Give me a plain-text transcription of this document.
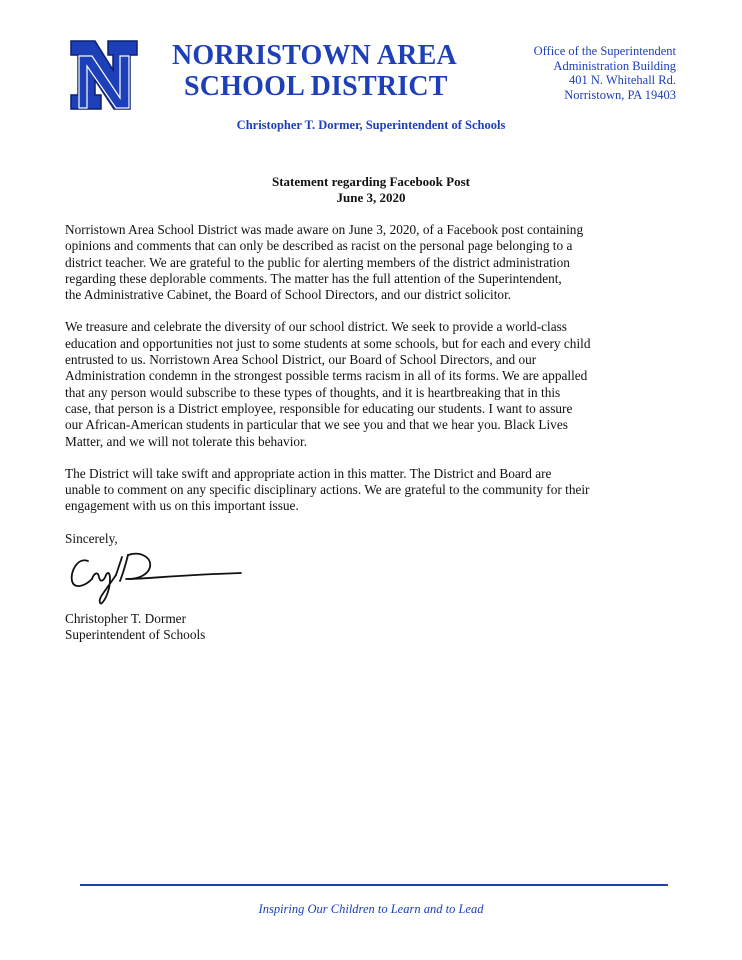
NORRISTOWN AREA
SCHOOL DISTRICT
Office of the Superintendent
Administration Building
401 N. Whitehall Rd.
Norristown, PA 19403
Christopher T. Dormer, Superintendent of Schools
Statement regarding Facebook Post
June 3, 2020

Norristown Area School District was made aware on June 3, 2020, of a Facebook post containing
opinions and comments that can only be described as racist on the personal page belonging to a
district teacher. We are grateful to the public for alerting members of the district administration
regarding these deplorable comments. The matter has the full attention of the Superintendent,
the Administrative Cabinet, the Board of School Directors, and our district solicitor.

We treasure and celebrate the diversity of our school district. We seek to provide a world-class
education and opportunities not just to some students at some schools, but for each and every child
entrusted to us. Norristown Area School District, our Board of School Directors, and our
Administration condemn in the strongest possible terms racism in all of its forms. We are appalled
that any person would subscribe to these types of thoughts, and it is heartbreaking that in this
case, that person is a District employee, responsible for educating our students. I want to assure
our African-American students in particular that we see you and that we hear you. Black Lives
Matter, and we will not tolerate this behavior.

The District will take swift and appropriate action in this matter. The District and Board are
unable to comment on any specific disciplinary actions. We are grateful to the community for their
engagement with us on this important issue.

Sincerely,

Christopher T. Dormer
Superintendent of Schools
Inspiring Our Children to Learn and to Lead
